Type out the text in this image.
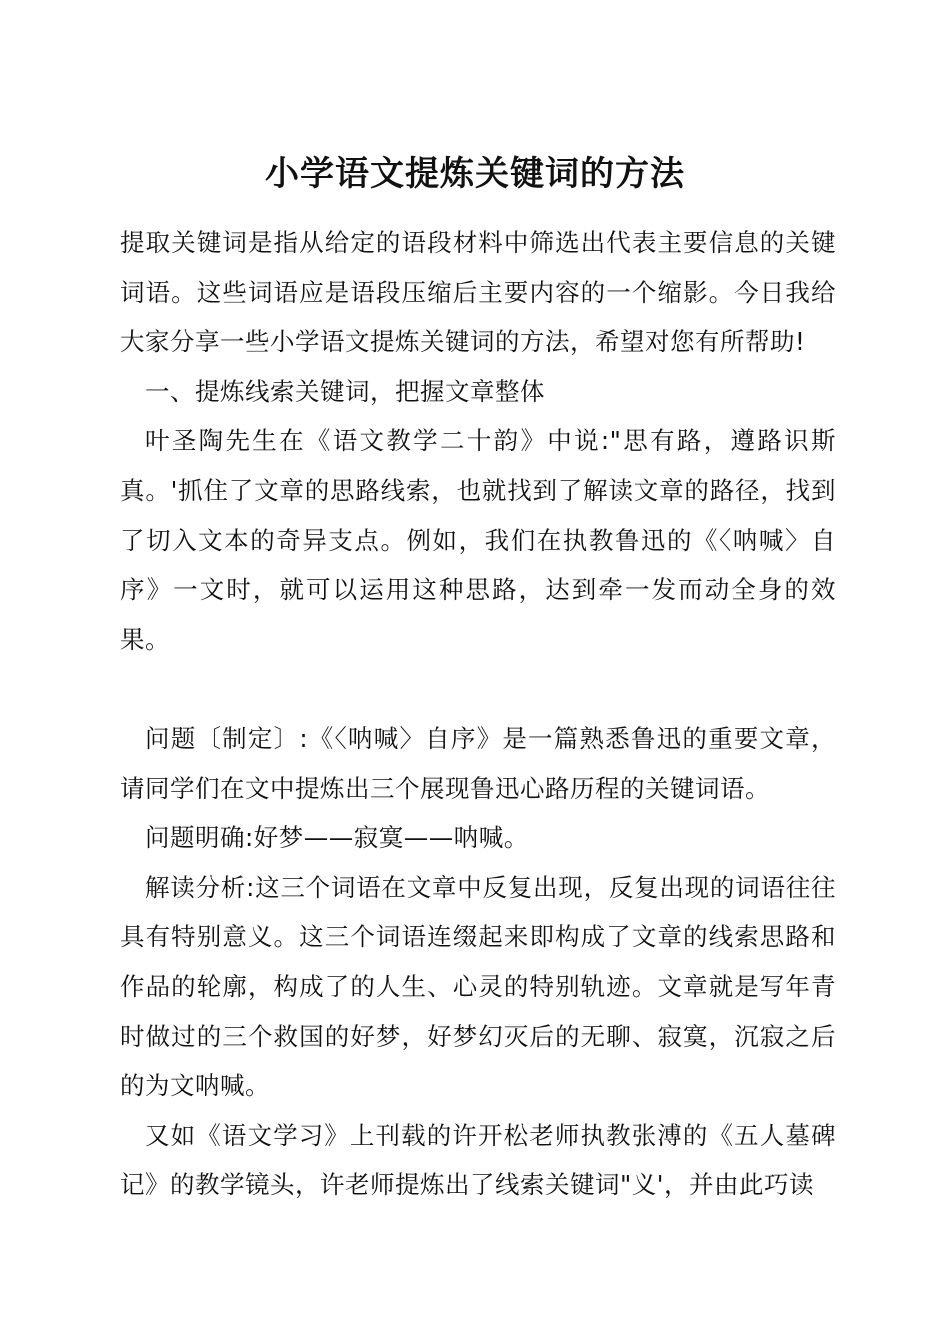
小学语文提炼关键词的方法

提取关键词是指从给定的语段材料中筛选出代表主要信息的关键词语。这些词语应是语段压缩后主要内容的一个缩影。今日我给大家分享一些小学语文提炼关键词的方法，希望对您有所帮助!

一、提炼线索关键词，把握文章整体

叶圣陶先生在《语文教学二十韵》中说:"思有路，遵路识斯真。'抓住了文章的思路线索，也就找到了解读文章的路径，找到了切入文本的奇异支点。例如，我们在执教鲁迅的《〈呐喊〉自序》一文时，就可以运用这种思路，达到牵一发而动全身的效果。

问题〔制定〕:《〈呐喊〉自序》是一篇熟悉鲁迅的重要文章，请同学们在文中提炼出三个展现鲁迅心路历程的关键词语。

问题明确:好梦——寂寞——呐喊。

解读分析:这三个词语在文章中反复出现，反复出现的词语往往具有特别意义。这三个词语连缀起来即构成了文章的线索思路和作品的轮廓，构成了的人生、心灵的特别轨迹。文章就是写年青时做过的三个救国的好梦，好梦幻灭后的无聊、寂寞，沉寂之后的为文呐喊。

又如《语文学习》上刊载的许开松老师执教张溥的《五人墓碑记》的教学镜头，许老师提炼出了线索关键词"义'，并由此巧读
